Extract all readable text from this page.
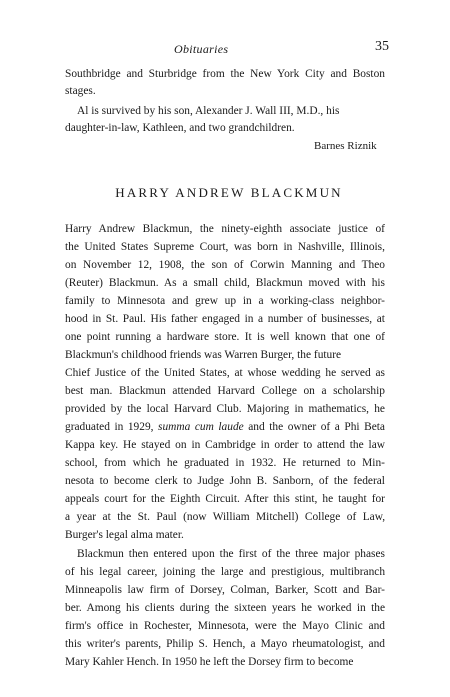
Obituaries	35
Southbridge and Sturbridge from the New York City and Boston
stages.
Al is survived by his son, Alexander J. Wall III, M.D., his
daughter-in-law, Kathleen, and two grandchildren.
Barnes Riznik
HARRY ANDREW BLACKMUN
Harry Andrew Blackmun, the ninety-eighth associate justice of
the United States Supreme Court, was born in Nashville, Illinois,
on November 12, 1908, the son of Corwin Manning and Theo
(Reuter) Blackmun. As a small child, Blackmun moved with his
family to Minnesota and grew up in a working-class neighbor-
hood in St. Paul. His father engaged in a number of businesses, at
one point running a hardware store. It is well known that one of
Blackmun's childhood friends was Warren Burger, the future
Chief Justice of the United States, at whose wedding he served as
best man. Blackmun attended Harvard College on a scholarship
provided by the local Harvard Club. Majoring in mathematics, he
graduated in 1929, summa cum laude and the owner of a Phi Beta
Kappa key. He stayed on in Cambridge in order to attend the law
school, from which he graduated in 1932. He returned to Min-
nesota to become clerk to Judge John B. Sanborn, of the federal
appeals court for the Eighth Circuit. After this stint, he taught for
a year at the St. Paul (now William Mitchell) College of Law,
Burger's legal alma mater.
Blackmun then entered upon the first of the three major phases
of his legal career, joining the large and prestigious, multibranch
Minneapolis law firm of Dorsey, Colman, Barker, Scott and Bar-
ber. Among his clients during the sixteen years he worked in the
firm's office in Rochester, Minnesota, were the Mayo Clinic and
this writer's parents, Philip S. Hench, a Mayo rheumatologist, and
Mary Kahler Hench. In 1950 he left the Dorsey firm to become
